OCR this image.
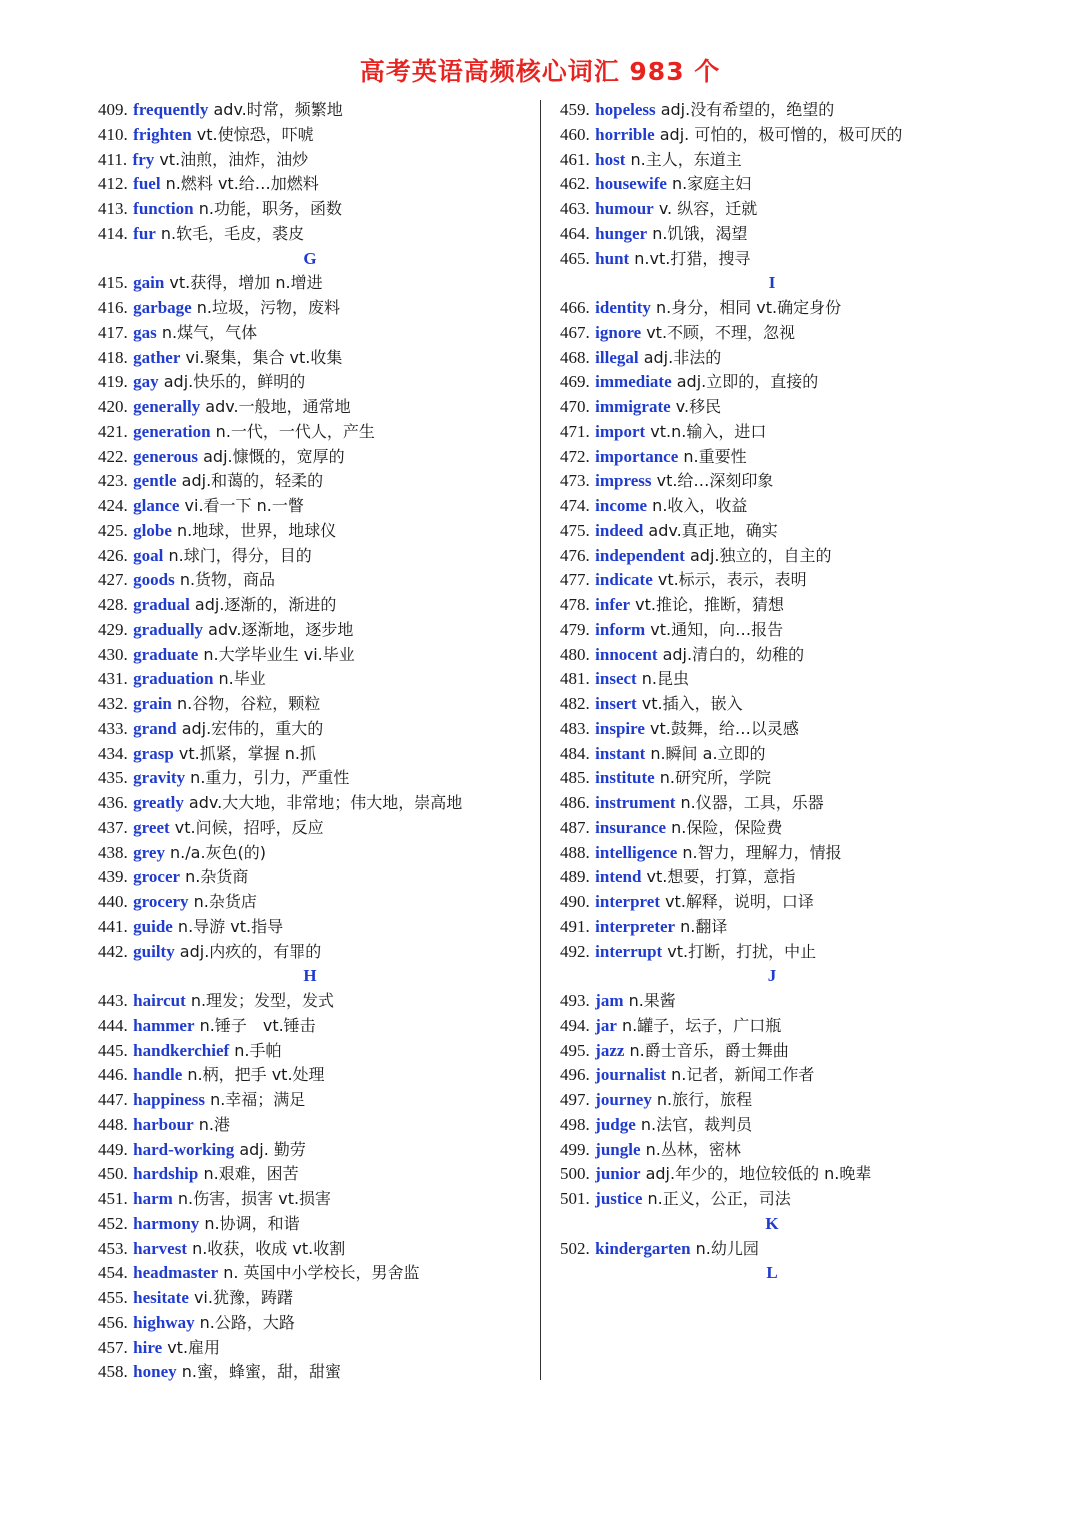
高考英语高频核心词汇 983 个
409. frequently adv.时常，频繁地
410. frighten vt.使惊恐，吓唬
411. fry vt.油煎，油炸，油炒
412. fuel n.燃料 vt.给…加燃料
413. function n.功能，职务，函数
414. fur n.软毛，毛皮，裘皮
G
415. gain vt.获得，增加 n.增进
416. garbage n.垃圾，污物，废料
417. gas n.煤气，气体
418. gather vi.聚集，集合 vt.收集
419. gay adj.快乐的，鲜明的
420. generally adv.一般地，通常地
421. generation n.一代，一代人，产生
422. generous adj.慷慨的，宽厚的
423. gentle adj.和蔼的，轻柔的
424. glance vi.看一下 n.一瞥
425. globe n.地球，世界，地球仪
426. goal n.球门，得分，目的
427. goods n.货物，商品
428. gradual adj.逐渐的，渐进的
429. gradually adv.逐渐地，逐步地
430. graduate n.大学毕业生 vi.毕业
431. graduation n.毕业
432. grain n.谷物，谷粒，颗粒
433. grand adj.宏伟的，重大的
434. grasp vt.抓紧，掌握 n.抓
435. gravity n.重力，引力，严重性
436. greatly adv.大大地，非常地；伟大地，崇高地
437. greet vt.问候，招呼，反应
438. grey n./a.灰色(的)
439. grocer n.杂货商
440. grocery n.杂货店
441. guide n.导游 vt.指导
442. guilty adj.内疚的，有罪的
H
443. haircut n.理发；发型，发式
444. hammer n.锤子　vt.锤击
445. handkerchief n.手帕
446. handle n.柄，把手 vt.处理
447. happiness n.幸福；满足
448. harbour n.港
449. hard-working adj. 勤劳
450. hardship n.艰难，困苦
451. harm n.伤害，损害 vt.损害
452. harmony n.协调，和谐
453. harvest n.收获，收成 vt.收割
454. headmaster n. 英国中小学校长，男舍监
455. hesitate vi.犹豫，踌躇
456. highway n.公路，大路
457. hire vt.雇用
458. honey n.蜜，蜂蜜，甜，甜蜜
459. hopeless adj.没有希望的，绝望的
460. horrible adj. 可怕的，极可憎的，极可厌的
461. host n.主人，东道主
462. housewife n.家庭主妇
463. humour v. 纵容，迁就
464. hunger n.饥饿，渴望
465. hunt n.vt.打猎，搜寻
I
466. identity n.身分，相同 vt.确定身份
467. ignore vt.不顾，不理，忽视
468. illegal adj.非法的
469. immediate adj.立即的，直接的
470. immigrate v.移民
471. import vt.n.输入，进口
472. importance n.重要性
473. impress vt.给…深刻印象
474. income n.收入，收益
475. indeed adv.真正地，确实
476. independent adj.独立的，自主的
477. indicate vt.标示，表示，表明
478. infer vt.推论，推断，猜想
479. inform vt.通知，向…报告
480. innocent adj.清白的，幼稚的
481. insect n.昆虫
482. insert vt.插入，嵌入
483. inspire vt.鼓舞，给…以灵感
484. instant n.瞬间 a.立即的
485. institute n.研究所，学院
486. instrument n.仪器，工具，乐器
487. insurance n.保险，保险费
488. intelligence n.智力，理解力，情报
489. intend vt.想要，打算，意指
490. interpret vt.解释，说明，口译
491. interpreter n.翻译
492. interrupt vt.打断，打扰，中止
J
493. jam n.果酱
494. jar n.罐子，坛子，广口瓶
495. jazz n.爵士音乐，爵士舞曲
496. journalist n.记者，新闻工作者
497. journey n.旅行，旅程
498. judge n.法官，裁判员
499. jungle n.丛林，密林
500. junior adj.年少的，地位较低的 n.晚辈
501. justice n.正义，公正，司法
K
502. kindergarten n.幼儿园
L
